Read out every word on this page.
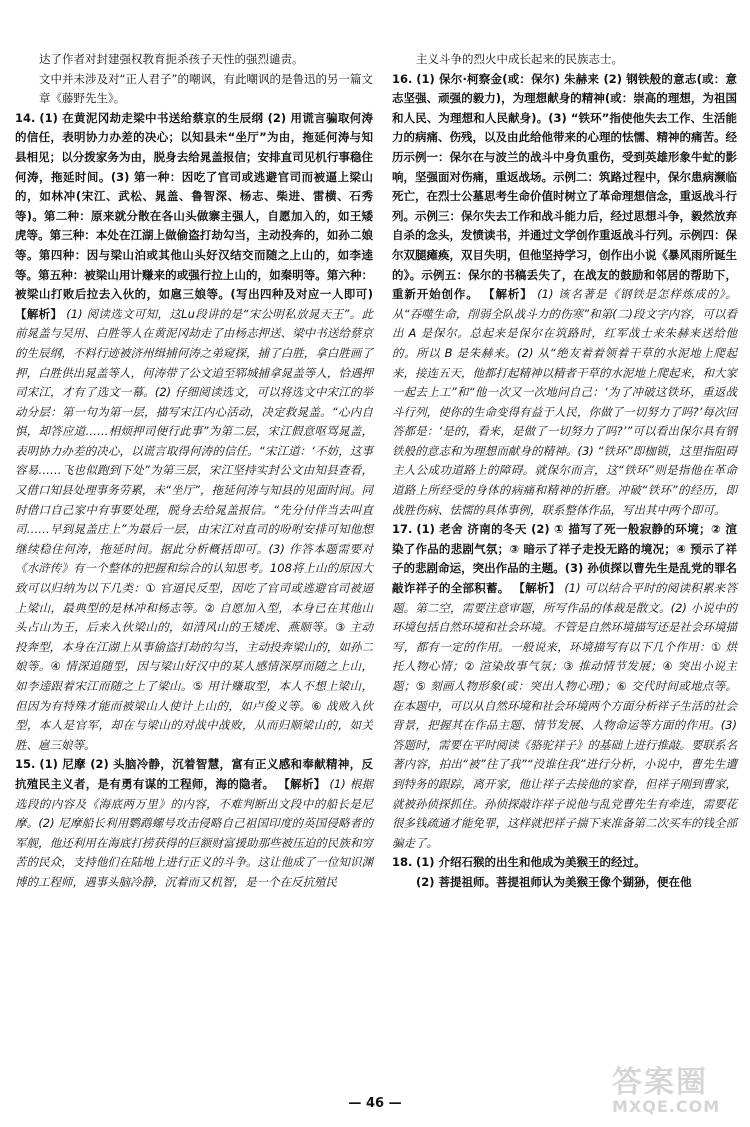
达了作者对封建强权教育扼杀孩子天性的强烈谴责。

文中并未涉及对“正人君子”的嘲讽，有此嘲讽的是鲁迅的另一篇文章《藤野先生》。

14. (1) 在黄泥冈劫走梁中书送给蔡京的生辰纲 (2) 用谎言骗取何涛的信任，表明协力办差的决心；以知县未“坐厅”为由，拖延何涛与知县相见；以分拨家务为由，脱身去给晁盖报信；安排直司见机行事稳住何涛，拖延时间。(3) 第一种：因吃了官司或逃避官司而被逼上梁山的，如林冲(宋江、武松、晁盖、鲁智深、杨志、柴进、雷横、石秀等)。第二种：原来就分散在各山头做寨主强人，自愿加入的，如王矮虎等。第三种：本处在江湖上做偷盗打劫勾当，主动投奔的，如孙二娘等。第四种：因与梁山泊或其他山头好汉结交而随之上山的，如李逵等。第五种：被梁山用计赚来的或强行拉上山的，如秦明等。第六种：被梁山打败后拉去入伙的，如扈三娘等。(写出四种及对应一人即可) 【解析】 (1) 阅读选文可知，这Lu段讲的是“宋公明私放晁天王”。此前晁盖与吴用、白胜等人在黄泥冈劫走了由杨志押送、梁中书送给蔡京的生辰纲，不料行迹被济州缉捕何涛之弟窥探，捕了白胜，拿白胜画了押，白胜供出晁盖等人，何涛带了公文追至郓城捕拿晁盖等人，恰遇押司宋江，才有了选文一幕。(2) 仔细阅读选文，可以将选文中宋江的举动分层：第一句为第一层，描写宋江内心活动，决定救晁盖。“心内自惧，却答应道……相烦押司便行此事”为第二层，宋江假意呕骂晁盖，表明协力办差的决心，以谎言取得何涛的信任。“宋江道：‘不妨，这事容易……飞也似跑到下处”为第三层，宋江坚持实封公文由知县查看，又借口知县处理事务劳累，未“坐厅”，拖延何涛与知县的见面时间。同时借口自己家中有事要处理，脱身去给晁盖报信。“先分付伴当去叫直司……早到晁盖庄上”为最后一层，由宋江对直司的吩咐安排可知他想继续稳住何涛，拖延时间。据此分析概括即可。(3) 作答本题需要对《水浒传》有一个整体的把握和综合的认知思考。108将上山的原因大致可以归纳为以下几类：① 官逼民反型，因吃了官司或逃避官司被逼上梁山，最典型的是林冲和杨志等。② 自愿加入型，本身已在其他山头占山为王，后来入伙梁山的，如清风山的王矮虎、燕顺等。③ 主动投奔型，本身在江湖上从事偷盗打劫的勾当，主动投奔梁山的，如孙二娘等。④ 情深追随型，因与梁山好汉中的某人感情深厚而随之上山，如李逵跟着宋江而随之上了梁山。⑤ 用计赚取型，本人不想上梁山，但因为有特殊才能而被梁山人使计上山的，如卢俊义等。⑥ 战败入伙型，本人是官军，却在与梁山的对战中战败，从而归顺梁山的，如关胜、扈三娘等。

15. (1) 尼摩 (2) 头脑冷静，沉着智慧，富有正义感和奉献精神，反抗殖民主义者，是有勇有谋的工程师，海的隐者。 【解析】 (1) 根据选段的内容及《海底两万里》的内容，不难判断出文段中的船长是尼摩。(2) 尼摩船长利用鹦鹉螺号攻击侵略自己祖国印度的英国侵略者的军舰，他还利用在海底打捞获得的巨额财富援助那些被压迫的民族和穷苦的民众，支持他们在陆地上进行正义的斗争。这让他成了一位知识渊博的工程师，遇事头脑冷静，沉着而又机智，是一个在反抗殖民

主义斗争的烈火中成长起来的民族志士。

16. (1) 保尔·柯察金(或：保尔) 朱赫来 (2) 钢铁般的意志(或：意志坚强、顽强的毅力)，为理想献身的精神(或：崇高的理想，为祖国和人民、为理想和人民献身)。(3) “铁环”指使他失去工作、生活能力的病痛、伤残，以及由此给他带来的心理的怯懦、精神的痛苦。经历示例一：保尔在与波兰的战斗中身负重伤，受到英雄形象牛虻的影响，坚强面对伤痛，重返战场。示例二：筑路过程中，保尔患病濒临死亡，在烈士公墓思考生命价值时树立了革命理想信念，重返战斗行列。示例三：保尔失去工作和战斗能力后，经过思想斗争，毅然放弃自杀的念头，发愤读书，并通过文学创作重返战斗行列。示例四：保尔双腿瘫痪，双目失明，但他坚持学习，创作出小说《暴风雨所诞生的》。示例五：保尔的书稿丢失了，在战友的鼓励和邻居的帮助下，重新开始创作。 【解析】 (1) 该名著是《钢铁是怎样炼成的》。从“吞噬生命，削弱全队战斗力的伤寒”和第(二)段文字内容，可以看出 A 是保尔。总起来是保尔在筑路时，红军战士来朱赫来送给他的。所以 B 是朱赫来。(2) 从“绝友着着领着干草的水泥地上爬起来，接连五天，他都打起精神以精者干草的水泥地上爬起来，和大家一起去上工”和“他一次又一次地问自己：‘为了冲破这铁环，重返战斗行列，使你的生命变得有益于人民，你做了一切努力了吗?’每次回答都是：‘是的，看来，是做了一切努力了吗?’”可以看出保尔具有钢铁般的意志和为理想而献身的精神。(3) “铁环”即枷锁，这里指阻碍主人公成功道路上的障碍。就保尔而言，这“铁环”则是指他在革命道路上所经受的身体的病痛和精神的折磨。冲破“铁环”的经历，即战胜伤病、怯懦的具体事例，联系整体作品，写出其中两个即可。

17. (1) 老舍 济南的冬天 (2) ① 描写了死一般寂静的环境；② 渲染了作品的悲剧气氛；③ 暗示了祥子走投无路的境况；④ 预示了祥子的悲剧命运，突出作品的主题。(3) 孙侦探以曹先生是乱党的罪名敲诈祥子的全部积蓄。 【解析】 (1) 可以结合平时的阅读积累来答题。第二空，需要注意审题，所写作品的体裁是散文。(2) 小说中的环境包括自然环境和社会环境。不管是自然环境描写还是社会环境描写，都有一定的作用。一般说来，环境描写有以下几个作用：① 烘托人物心情；② 渲染故事气氛；③ 推动情节发展；④ 突出小说主题；⑤ 刻画人物形象(或：突出人物心理)；⑥ 交代时间或地点等。在本题中，可以从自然环境和社会环境两个方面分析祥子生活的社会背景，把握其在作品主题、情节发展、人物命运等方面的作用。(3) 答题时，需要在平时阅读《骆驼祥子》的基础上进行推敲。要联系名著内容，拍出“被”往了我”“没谁住我”进行分析，小说中，曹先生遭到特务的跟踪，离开家，他让祥子去接他的家眷，但祥子刚到曹家，就被孙侦探抓住。孙侦探敲诈祥子说他与乱党曹先生有牵连，需要花很多钱疏通才能免罪，这样就把祥子揣下来准备第二次买车的钱全部骗走了。

18. (1) 介绍石猴的出生和他成为美猴王的经过。

(2) 菩提祖师。菩提祖师认为美猴王像个猢狲，便在他

— 46 —
答案圈
MXQE.COM
